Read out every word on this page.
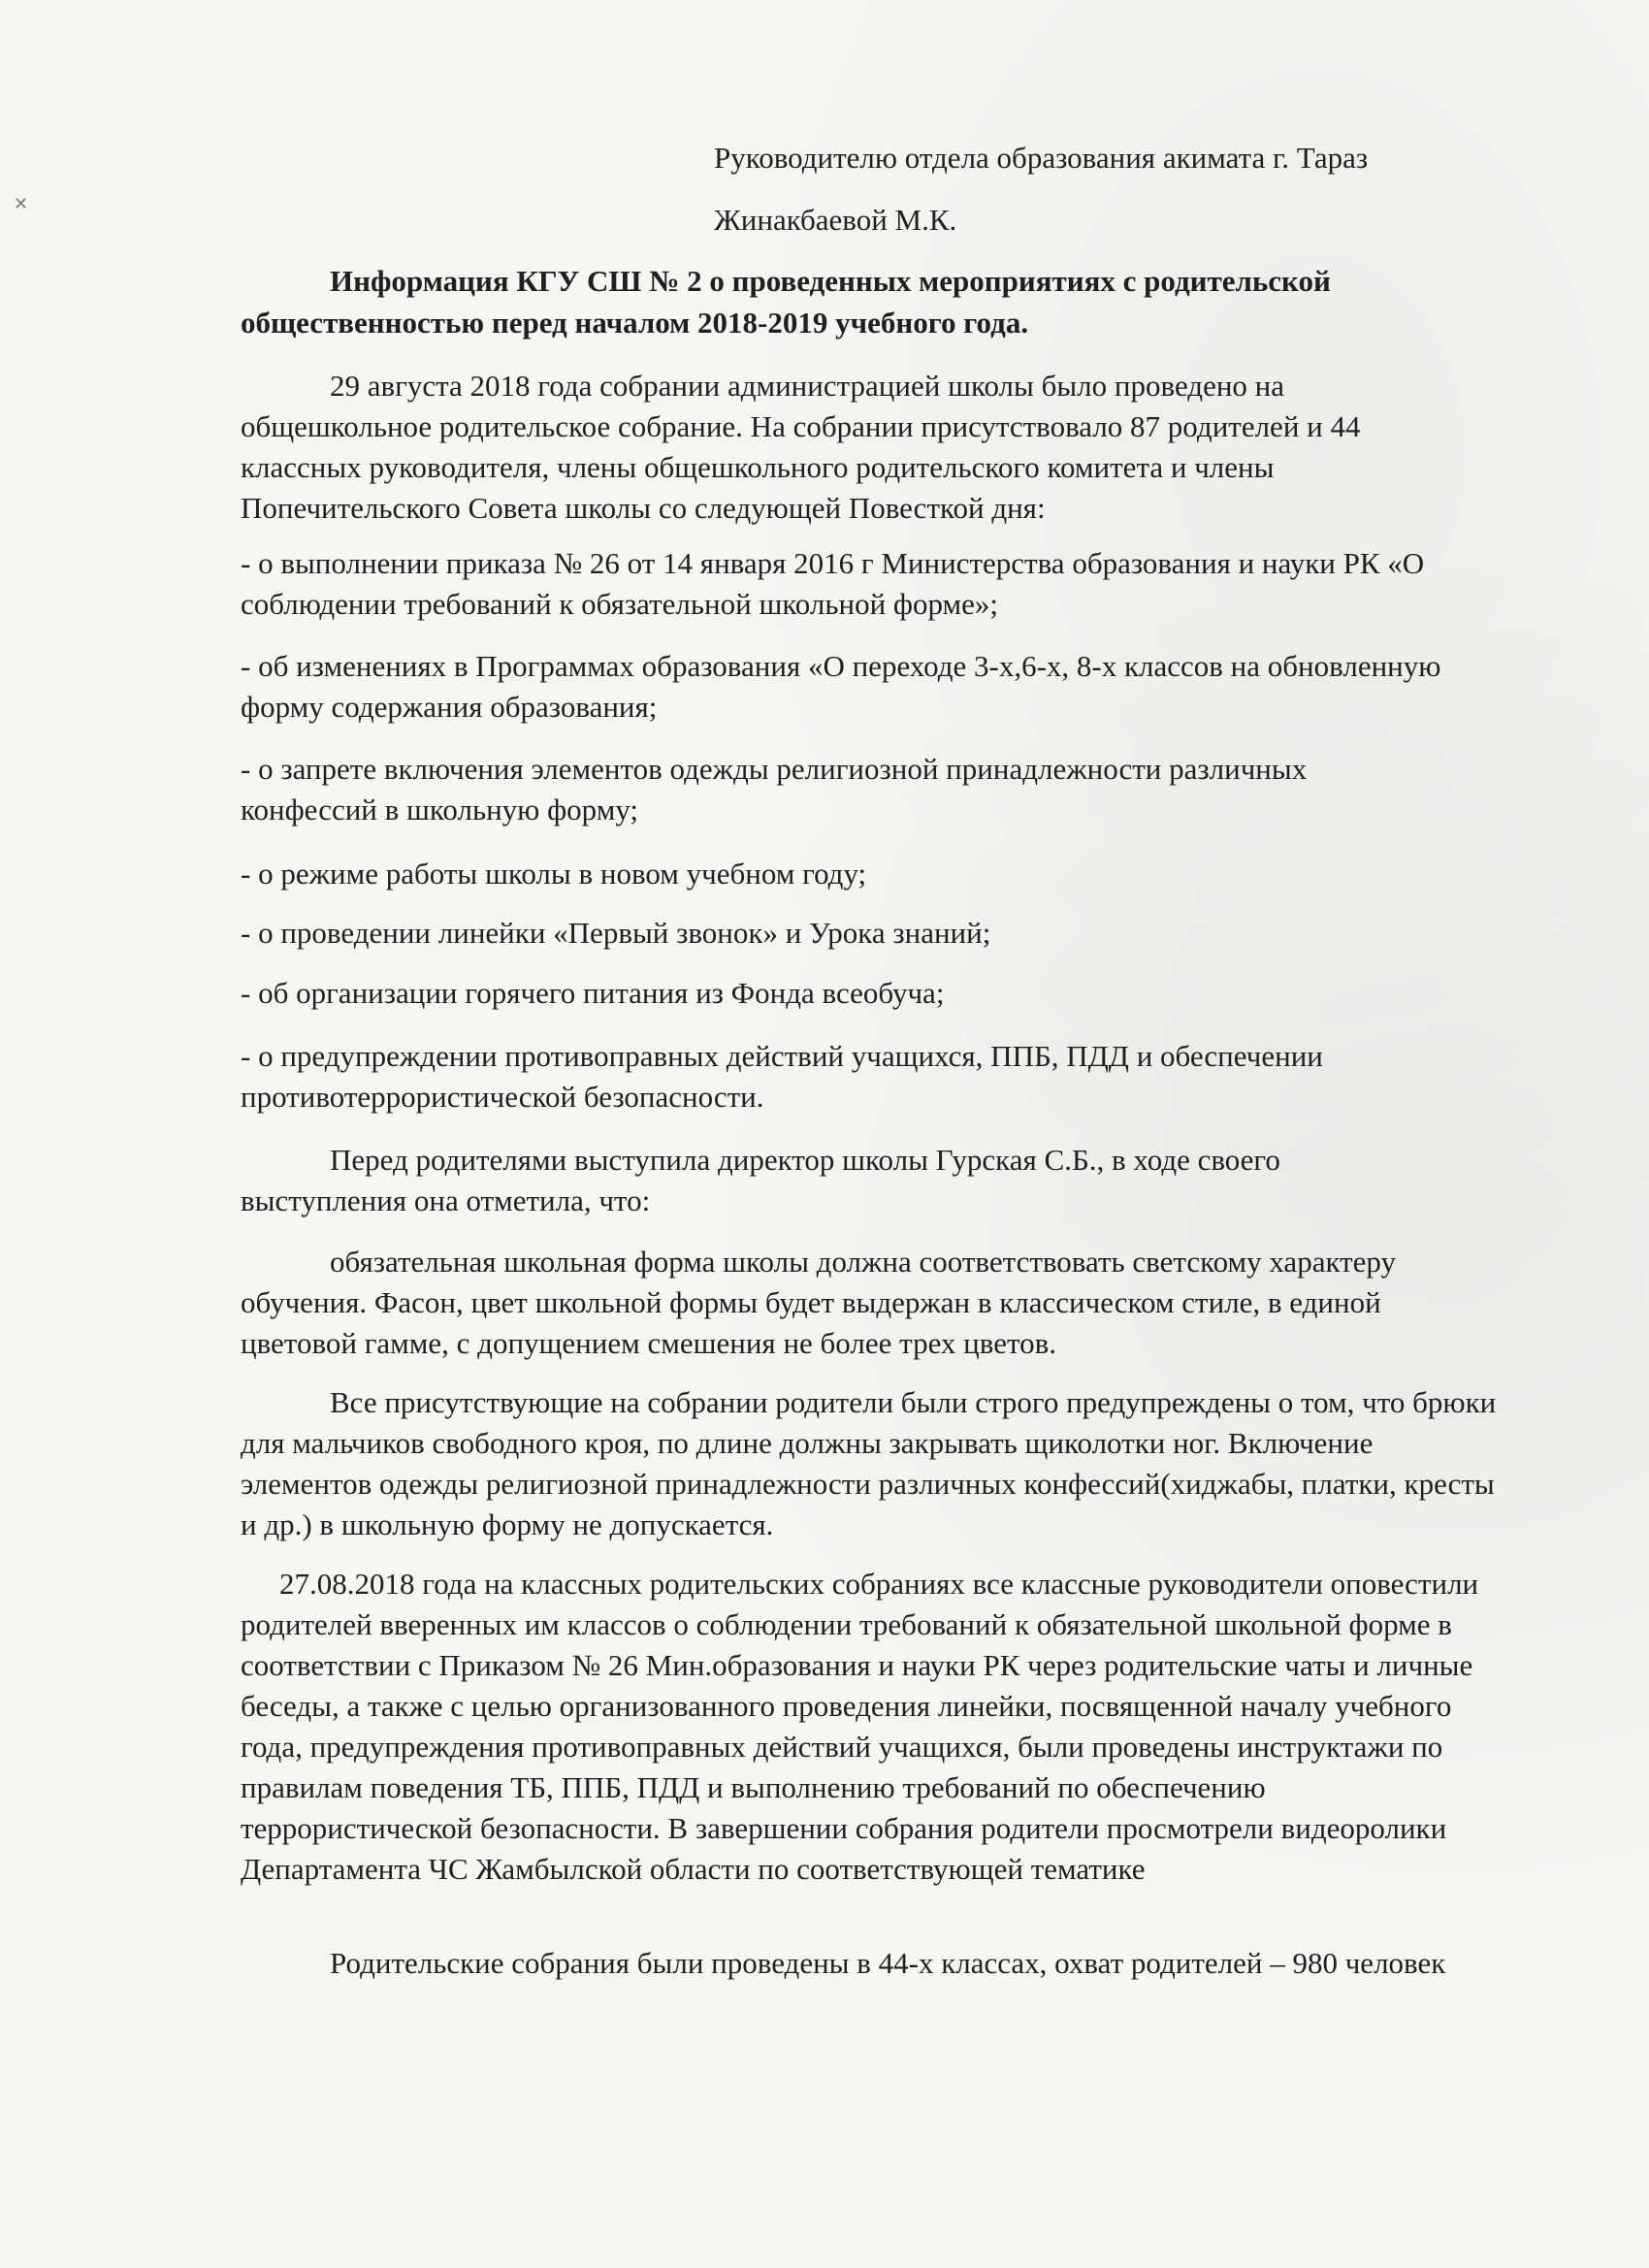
✕
Руководителю отдела образования акимата г. Тараз
Жинакбаевой М.К.
Информация КГУ СШ № 2 о проведенных мероприятиях с родительской общественностью перед началом 2018-2019 учебного года.
29 августа 2018 года собрании администрацией школы было проведено на общешкольное родительское собрание. На собрании присутствовало 87 родителей и 44 классных руководителя, члены общешкольного родительского комитета и члены Попечительского Совета школы со следующей Повесткой дня:
- о выполнении приказа № 26 от 14 января 2016 г Министерства образования и науки РК «О соблюдении требований к обязательной школьной форме»;
- об изменениях в Программах образования «О переходе 3-х,6-х, 8-х классов на обновленную форму содержания образования;
- о запрете включения элементов одежды религиозной принадлежности различных конфессий в школьную форму;
- о режиме работы школы в новом учебном году;
- о проведении линейки «Первый звонок» и Урока знаний;
- об организации горячего питания из Фонда всеобуча;
- о предупреждении противоправных действий учащихся, ППБ, ПДД и обеспечении противотеррористической безопасности.
Перед родителями выступила директор школы Гурская С.Б., в ходе своего выступления она отметила, что:
обязательная школьная форма школы должна соответствовать светскому характеру обучения. Фасон, цвет школьной формы будет выдержан в классическом стиле, в единой цветовой гамме, с допущением смешения не более трех цветов.
Все присутствующие на собрании родители были строго предупреждены о том, что брюки для мальчиков свободного кроя, по длине должны закрывать щиколотки ног. Включение элементов одежды религиозной принадлежности различных конфессий(хиджабы, платки, кресты и др.) в школьную форму не допускается.
27.08.2018 года на классных родительских собраниях все классные руководители оповестили родителей вверенных им классов о соблюдении требований к обязательной школьной форме в соответствии с Приказом № 26 Мин.образования и науки РК через родительские чаты и личные беседы, а также с целью организованного проведения линейки, посвященной началу учебного года, предупреждения противоправных действий учащихся, были проведены инструктажи по правилам поведения ТБ, ППБ, ПДД и выполнению требований по обеспечению террористической безопасности. В завершении собрания родители просмотрели видеоролики Департамента ЧС Жамбылской области по соответствующей тематике
Родительские собрания были проведены в 44-х классах, охват родителей – 980 человек
